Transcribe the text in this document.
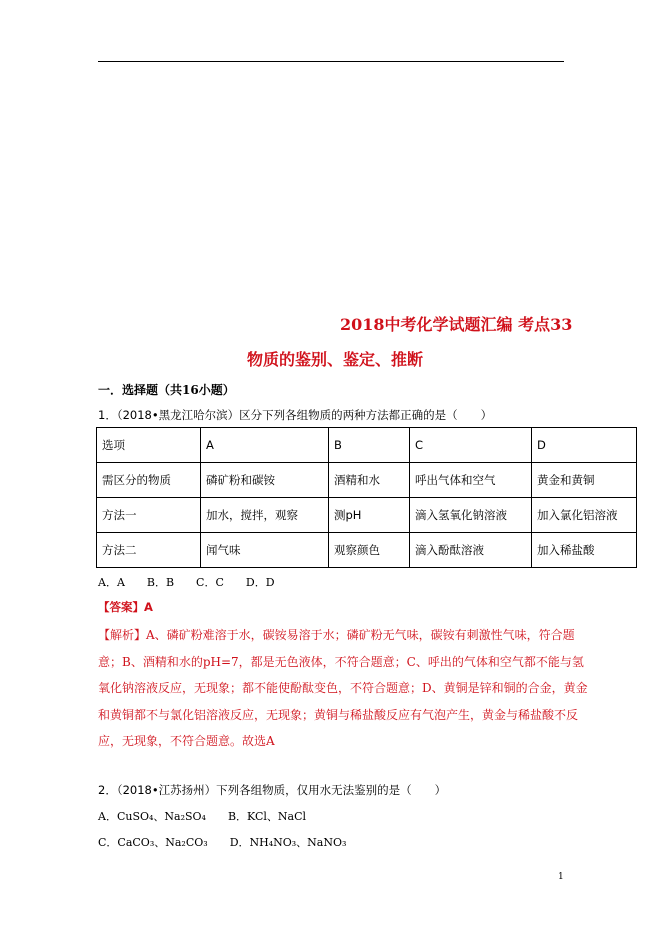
2018中考化学试题汇编 考点33
物质的鉴别、鉴定、推断
一．选择题（共16小题）
1．（2018•黑龙江哈尔滨）区分下列各组物质的两种方法都正确的是（　　）
选项	A	B	C	D
需区分的物质	磷矿粉和碳铵	酒精和水	呼出气体和空气	黄金和黄铜
方法一	加水，搅拌，观察	测pH	滴入氢氧化钠溶液	加入氯化铝溶液
方法二	闻气味	观察颜色	滴入酚酞溶液	加入稀盐酸
A．A　　B．B　　C．C　　D．D
【答案】A
【解析】A、磷矿粉难溶于水，碳铵易溶于水；磷矿粉无气味，碳铵有刺激性气味，符合题意；B、酒精和水的pH=7，都是无色液体，不符合题意；C、呼出的气体和空气都不能与氢氧化钠溶液反应，无现象；都不能使酚酞变色，不符合题意；D、黄铜是锌和铜的合金，黄金和黄铜都不与氯化铝溶液反应，无现象；黄铜与稀盐酸反应有气泡产生，黄金与稀盐酸不反应，无现象，不符合题意。故选A
2．（2018•江苏扬州）下列各组物质，仅用水无法鉴别的是（　　）
A．CuSO₄、Na₂SO₄ B．KCl、NaCl
C．CaCO₃、Na₂CO₃ D．NH₄NO₃、NaNO₃
1
